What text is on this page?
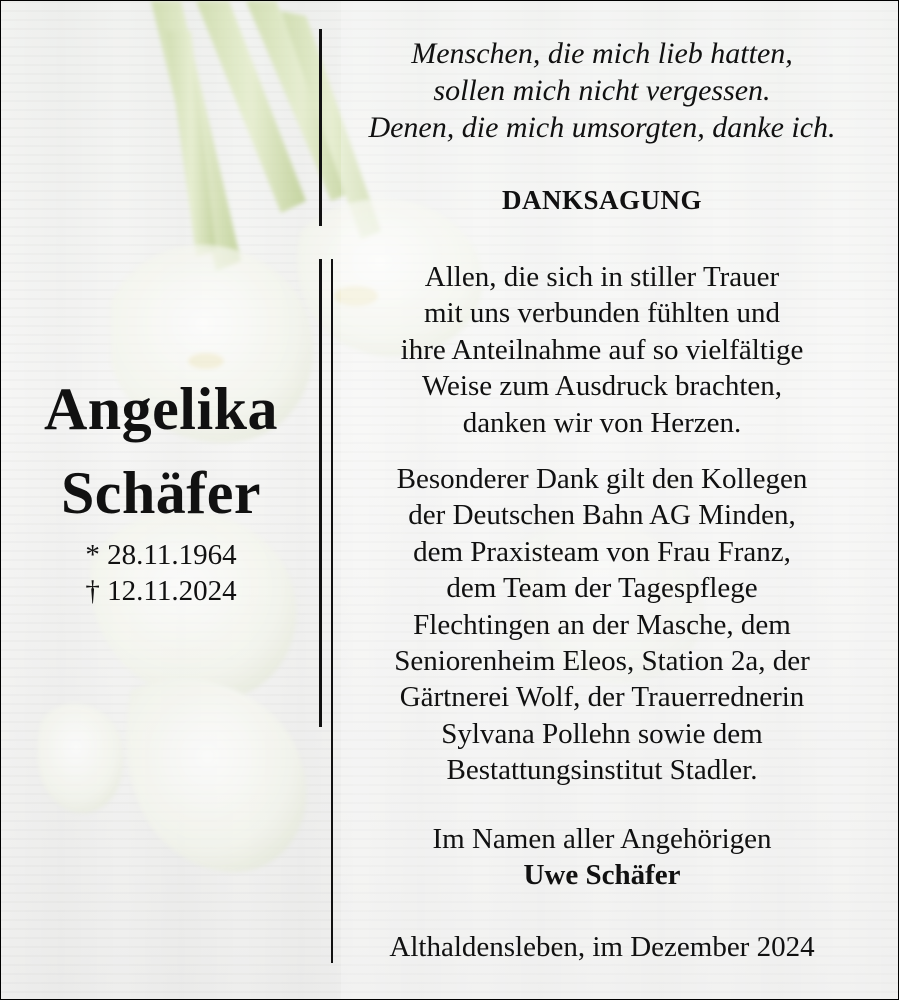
Angelika
Schäfer
* 28.11.1964
† 12.11.2024
Menschen, die mich lieb hatten,
sollen mich nicht vergessen.
Denen, die mich umsorgten, danke ich.
DANKSAGUNG
Allen, die sich in stiller Trauer
mit uns verbunden fühlten und
ihre Anteilnahme auf so vielfältige
Weise zum Ausdruck brachten,
danken wir von Herzen.
Besonderer Dank gilt den Kollegen
der Deutschen Bahn AG Minden,
dem Praxisteam von Frau Franz,
dem Team der Tagespflege
Flechtingen an der Masche, dem
Seniorenheim Eleos, Station 2a, der
Gärtnerei Wolf, der Trauerrednerin
Sylvana Pollehn sowie dem
Bestattungsinstitut Stadler.
Im Namen aller Angehörigen
Uwe Schäfer
Althaldensleben, im Dezember 2024
